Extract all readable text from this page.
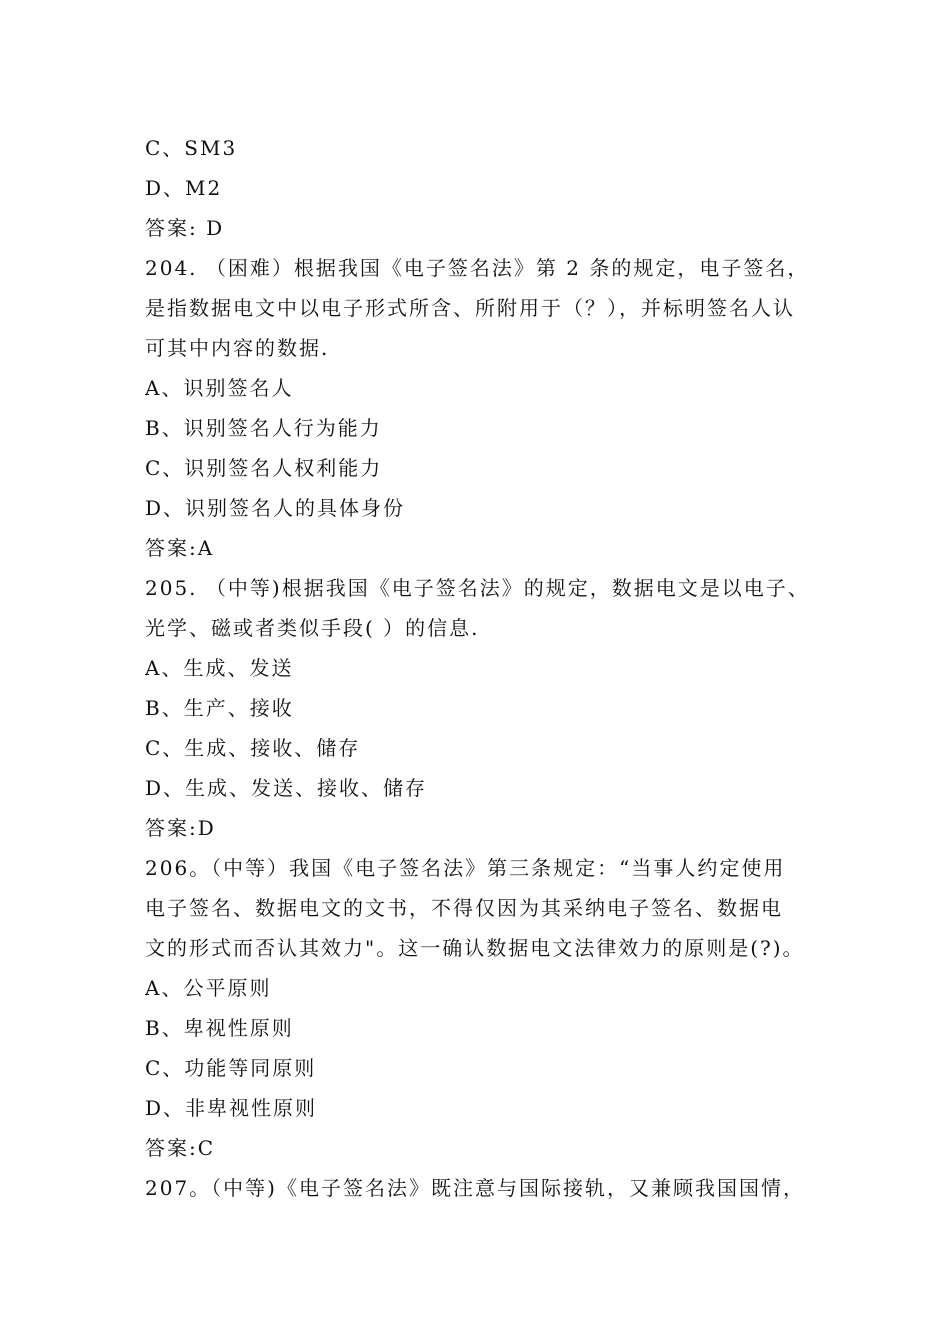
C、SM3
D、M2
答案: D
204. （困难）根据我国《电子签名法》第 2 条的规定，电子签名，
是指数据电文中以电子形式所含、所附用于（？），并标明签名人认
可其中内容的数据.
A、识别签名人
B、识别签名人行为能力
C、识别签名人权利能力
D、识别签名人的具体身份
答案:A
205. （中等)根据我国《电子签名法》的规定，数据电文是以电子、
光学、磁或者类似手段( ）的信息.
A、生成、发送
B、生产、接收
C、生成、接收、储存
D、生成、发送、接收、储存
答案:D
206。（中等）我国《电子签名法》第三条规定：“当事人约定使用
电子签名、数据电文的文书，不得仅因为其采纳电子签名、数据电
文的形式而否认其效力"。这一确认数据电文法律效力的原则是(?)。
A、公平原则
B、卑视性原则
C、功能等同原则
D、非卑视性原则
答案:C
207。（中等)《电子签名法》既注意与国际接轨，又兼顾我国国情，
